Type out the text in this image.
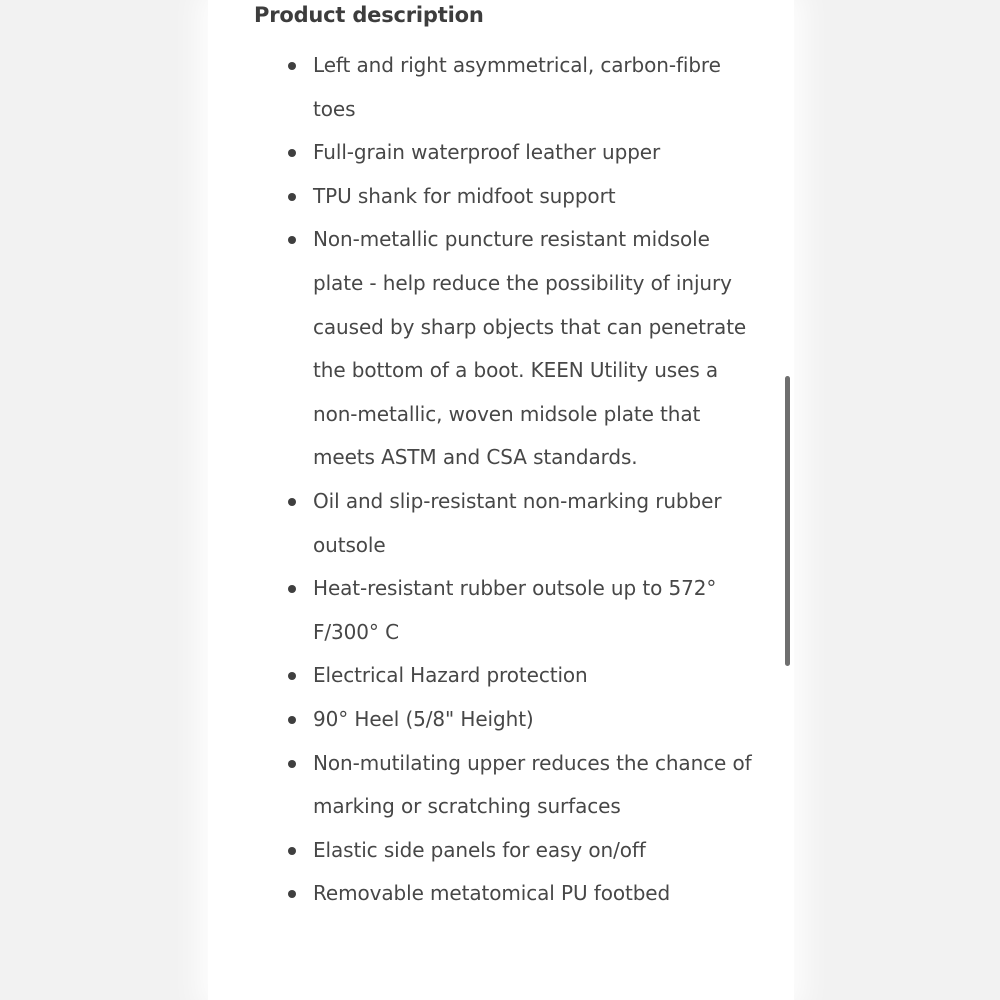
Product description
Left and right asymmetrical, carbon-fibre toes
Full-grain waterproof leather upper
TPU shank for midfoot support
Non-metallic puncture resistant midsole plate - help reduce the possibility of injury caused by sharp objects that can penetrate the bottom of a boot. KEEN Utility uses a non-metallic, woven midsole plate that meets ASTM and CSA standards.
Oil and slip-resistant non-marking rubber outsole
Heat-resistant rubber outsole up to 572° F/300° C
Electrical Hazard protection
90° Heel (5/8" Height)
Non-mutilating upper reduces the chance of marking or scratching surfaces
Elastic side panels for easy on/off
Removable metatomical PU footbed
